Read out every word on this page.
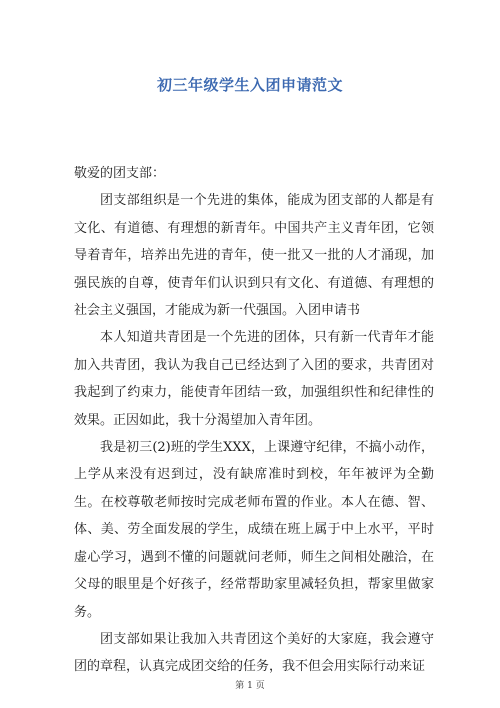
初三年级学生入团申请范文

敬爱的团支部：

团支部组织是一个先进的集体，能成为团支部的人都是有文化、有道德、有理想的新青年。中国共产主义青年团，它领导着青年，培养出先进的青年，使一批又一批的人才涌现，加强民族的自尊，使青年们认识到只有文化、有道德、有理想的社会主义强国，才能成为新一代强国。入团申请书

本人知道共青团是一个先进的团体，只有新一代青年才能加入共青团，我认为我自己已经达到了入团的要求，共青团对我起到了约束力，能使青年团结一致，加强组织性和纪律性的效果。正因如此，我十分渴望加入青年团。

我是初三(2)班的学生XXX，上课遵守纪律，不搞小动作，上学从来没有迟到过，没有缺席准时到校，年年被评为全勤生。在校尊敬老师按时完成老师布置的作业。本人在德、智、体、美、劳全面发展的学生，成绩在班上属于中上水平，平时虚心学习，遇到不懂的问题就问老师，师生之间相处融洽，在父母的眼里是个好孩子，经常帮助家里减轻负担，帮家里做家务。

团支部如果让我加入共青团这个美好的大家庭，我会遵守团的章程，认真完成团交给的任务，我不但会用实际行动来证

第 1 页
